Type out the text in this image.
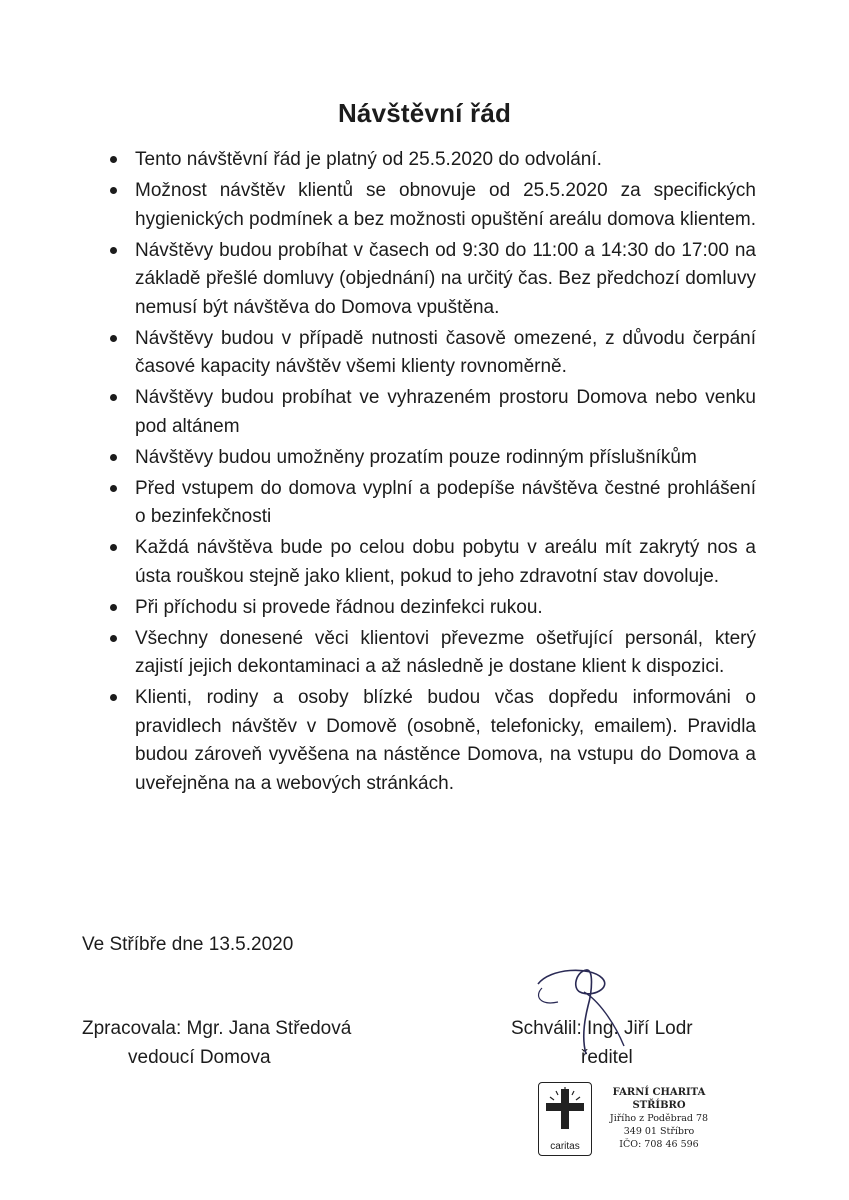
Návštěvní řád
Tento návštěvní řád je platný od 25.5.2020 do odvolání.
Možnost návštěv klientů se obnovuje od 25.5.2020 za specifických hygienických podmínek a bez možnosti opuštění areálu domova klientem.
Návštěvy budou probíhat v časech od 9:30 do 11:00 a 14:30 do 17:00 na základě přešlé domluvy (objednání) na určitý čas. Bez předchozí domluvy nemusí být návštěva do Domova vpuštěna.
Návštěvy budou v případě nutnosti časově omezené, z důvodu čerpání časové kapacity návštěv všemi klienty rovnoměrně.
Návštěvy budou probíhat ve vyhrazeném prostoru Domova nebo venku pod altánem
Návštěvy budou umožněny prozatím pouze rodinným příslušníkům
Před vstupem do domova vyplní a podepíše návštěva čestné prohlášení o bezinfekčnosti
Každá návštěva bude po celou dobu pobytu v areálu mít zakrytý nos a ústa rouškou stejně jako klient, pokud to jeho zdravotní stav dovoluje.
Při příchodu si provede řádnou dezinfekci rukou.
Všechny donesené věci klientovi převezme ošetřující personál, který zajistí jejich dekontaminaci a až následně je dostane klient k dispozici.
Klienti, rodiny a osoby blízké budou včas dopředu informováni o pravidlech návštěv v Domově (osobně, telefonicky, emailem). Pravidla budou zároveň vyvěšena na nástěnce Domova, na vstupu do Domova a uveřejněna na a webových stránkách.
Ve Stříbře dne 13.5.2020
Zpracovala: Mgr. Jana Středová
vedoucí Domova
Schválil: Ing. Jiří Lodr
ředitel
caritas
FARNÍ CHARITA
STŘÍBRO
Jiřího z Poděbrad 78
349 01 Stříbro
IČO: 708 46 596
